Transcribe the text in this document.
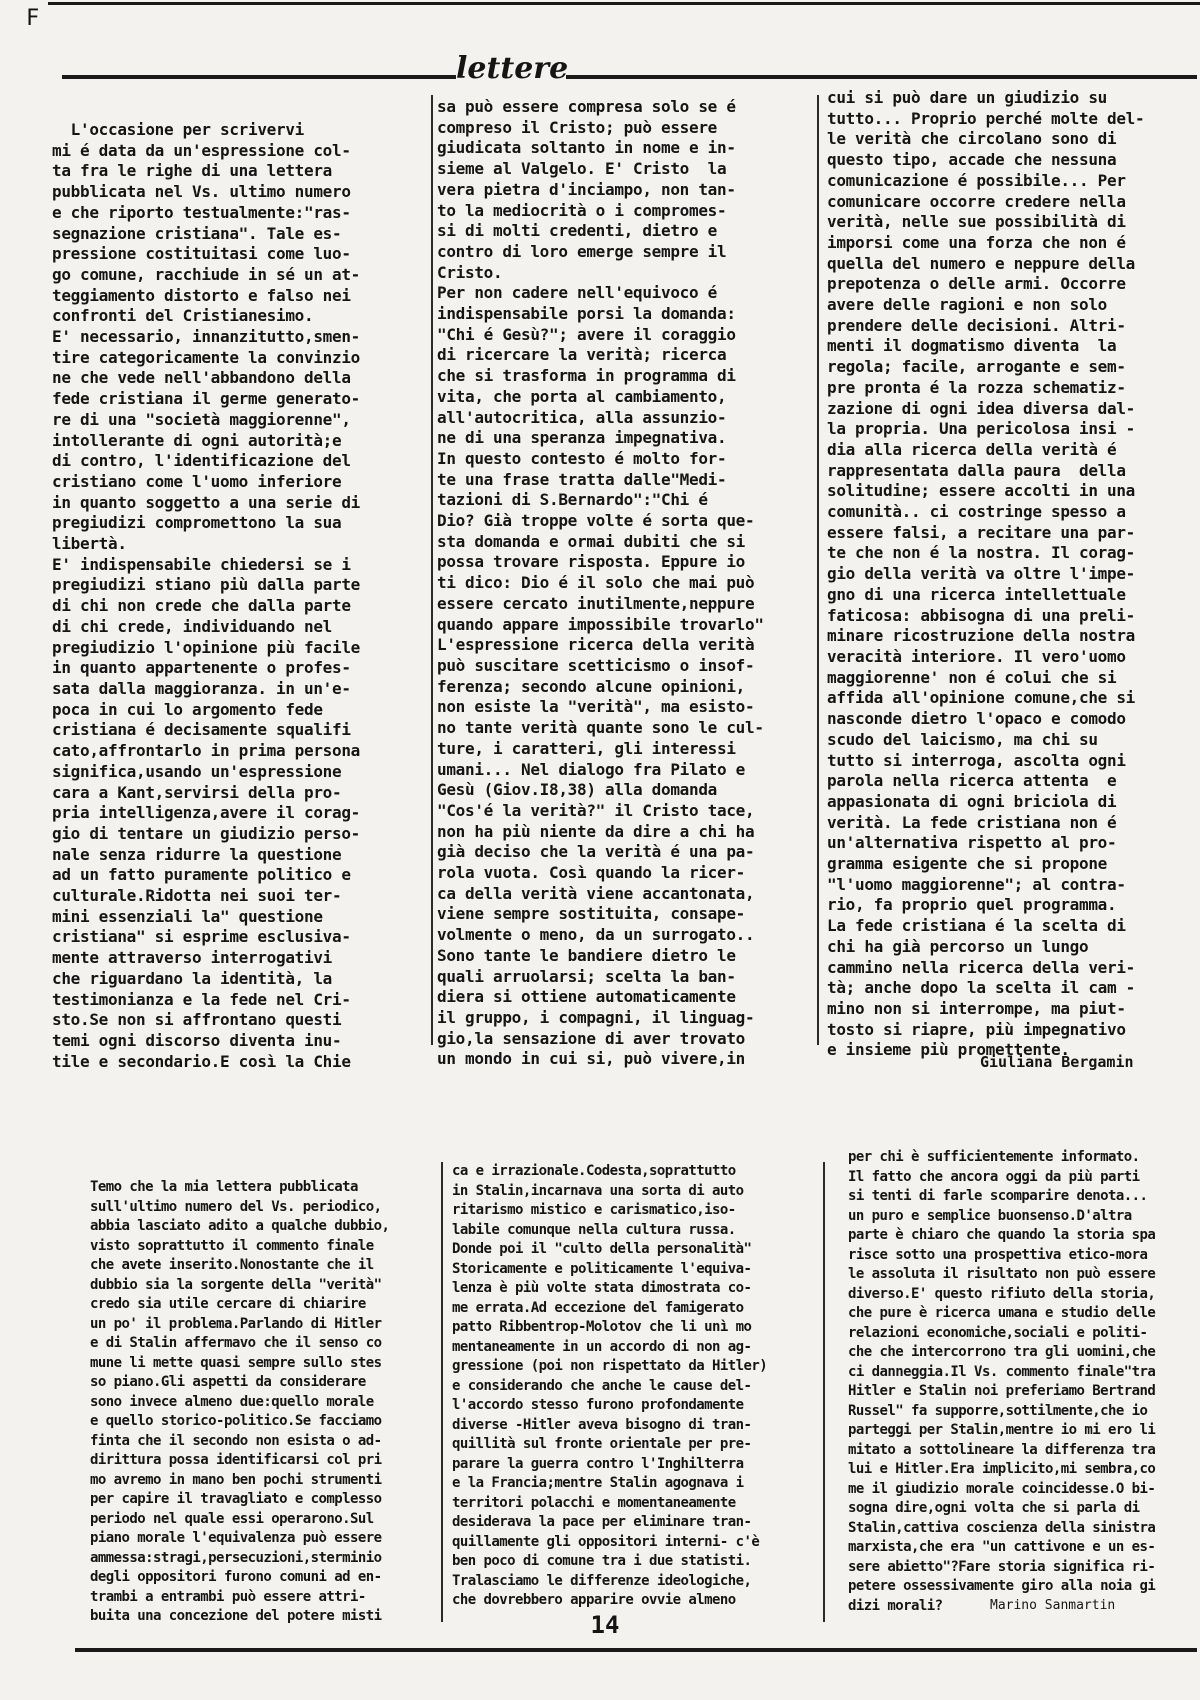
F
lettere
L'occasione per scrivervi
mi é data da un'espressione col-
ta fra le righe di una lettera
pubblicata nel Vs. ultimo numero
e che riporto testualmente:"ras-
segnazione cristiana". Tale es-
pressione costituitasi come luo-
go comune, racchiude in sé un at-
teggiamento distorto e falso nei
confronti del Cristianesimo.
E' necessario, innanzitutto,smen-
tire categoricamente la convinzio
ne che vede nell'abbandono della
fede cristiana il germe generato-
re di una "società maggiorenne",
intollerante di ogni autorità;e
di contro, l'identificazione del
cristiano come l'uomo inferiore
in quanto soggetto a una serie di
pregiudizi compromettono la sua
libertà.
E' indispensabile chiedersi se i
pregiudizi stiano più dalla parte
di chi non crede che dalla parte
di chi crede, individuando nel
pregiudizio l'opinione più facile
in quanto appartenente o profes-
sata dalla maggioranza. in un'e-
poca in cui lo argomento fede
cristiana é decisamente squalifi
cato,affrontarlo in prima persona
significa,usando un'espressione
cara a Kant,servirsi della pro-
pria intelligenza,avere il corag-
gio di tentare un giudizio perso-
nale senza ridurre la questione
ad un fatto puramente politico e
culturale.Ridotta nei suoi ter-
mini essenziali la" questione
cristiana" si esprime esclusiva-
mente attraverso interrogativi
che riguardano la identità, la
testimonianza e la fede nel Cri-
sto.Se non si affrontano questi
temi ogni discorso diventa inu-
tile e secondario.E così la Chie
sa può essere compresa solo se é
compreso il Cristo; può essere
giudicata soltanto in nome e in-
sieme al Valgelo. E' Cristo  la
vera pietra d'inciampo, non tan-
to la mediocrità o i compromes-
si di molti credenti, dietro e
contro di loro emerge sempre il
Cristo.
Per non cadere nell'equivoco é
indispensabile porsi la domanda:
"Chi é Gesù?"; avere il coraggio
di ricercare la verità; ricerca
che si trasforma in programma di
vita, che porta al cambiamento,
all'autocritica, alla assunzio-
ne di una speranza impegnativa.
In questo contesto é molto for-
te una frase tratta dalle"Medi-
tazioni di S.Bernardo":"Chi é
Dio? Già troppe volte é sorta que-
sta domanda e ormai dubiti che si
possa trovare risposta. Eppure io
ti dico: Dio é il solo che mai può
essere cercato inutilmente,neppure
quando appare impossibile trovarlo"
L'espressione ricerca della verità
può suscitare scetticismo o insof-
ferenza; secondo alcune opinioni,
non esiste la "verità", ma esisto-
no tante verità quante sono le cul-
ture, i caratteri, gli interessi
umani... Nel dialogo fra Pilato e
Gesù (Giov.I8,38) alla domanda
"Cos'é la verità?" il Cristo tace,
non ha più niente da dire a chi ha
già deciso che la verità é una pa-
rola vuota. Così quando la ricer-
ca della verità viene accantonata,
viene sempre sostituita, consape-
volmente o meno, da un surrogato..
Sono tante le bandiere dietro le
quali arruolarsi; scelta la ban-
diera si ottiene automaticamente
il gruppo, i compagni, il linguag-
gio,la sensazione di aver trovato
un mondo in cui si, può vivere,in
cui si può dare un giudizio su
tutto... Proprio perché molte del-
le verità che circolano sono di
questo tipo, accade che nessuna
comunicazione é possibile... Per
comunicare occorre credere nella
verità, nelle sue possibilità di
imporsi come una forza che non é
quella del numero e neppure della
prepotenza o delle armi. Occorre
avere delle ragioni e non solo
prendere delle decisioni. Altri-
menti il dogmatismo diventa  la
regola; facile, arrogante e sem-
pre pronta é la rozza schematiz-
zazione di ogni idea diversa dal-
la propria. Una pericolosa insi -
dia alla ricerca della verità é
rappresentata dalla paura  della
solitudine; essere accolti in una
comunità.. ci costringe spesso a
essere falsi, a recitare una par-
te che non é la nostra. Il corag-
gio della verità va oltre l'impe-
gno di una ricerca intellettuale
faticosa: abbisogna di una preli-
minare ricostruzione della nostra
veracità interiore. Il vero'uomo
maggiorenne' non é colui che si
affida all'opinione comune,che si
nasconde dietro l'opaco e comodo
scudo del laicismo, ma chi su
tutto si interroga, ascolta ogni
parola nella ricerca attenta  e
appasionata di ogni briciola di
verità. La fede cristiana non é
un'alternativa rispetto al pro-
gramma esigente che si propone
"l'uomo maggiorenne"; al contra-
rio, fa proprio quel programma.
La fede cristiana é la scelta di
chi ha già percorso un lungo
cammino nella ricerca della veri-
tà; anche dopo la scelta il cam -
mino non si interrompe, ma piut-
tosto si riapre, più impegnativo
e insieme più promettente.
Giuliana Bergamin
Temo che la mia lettera pubblicata
sull'ultimo numero del Vs. periodico,
abbia lasciato adito a qualche dubbio,
visto soprattutto il commento finale
che avete inserito.Nonostante che il
dubbio sia la sorgente della "verità"
credo sia utile cercare di chiarire
un po' il problema.Parlando di Hitler
e di Stalin affermavo che il senso co
mune li mette quasi sempre sullo stes
so piano.Gli aspetti da considerare
sono invece almeno due:quello morale
e quello storico-politico.Se facciamo
finta che il secondo non esista o ad-
dirittura possa identificarsi col pri
mo avremo in mano ben pochi strumenti
per capire il travagliato e complesso
periodo nel quale essi operarono.Sul
piano morale l'equivalenza può essere
ammessa:stragi,persecuzioni,sterminio
degli oppositori furono comuni ad en-
trambi a entrambi può essere attri-
buita una concezione del potere misti
ca e irrazionale.Codesta,soprattutto
in Stalin,incarnava una sorta di auto
ritarismo mistico e carismatico,iso-
labile comunque nella cultura russa.
Donde poi il "culto della personalità"
Storicamente e politicamente l'equiva-
lenza è più volte stata dimostrata co-
me errata.Ad eccezione del famigerato
patto Ribbentrop-Molotov che li unì mo
mentaneamente in un accordo di non ag-
gressione (poi non rispettato da Hitler)
e considerando che anche le cause del-
l'accordo stesso furono profondamente
diverse -Hitler aveva bisogno di tran-
quillità sul fronte orientale per pre-
parare la guerra contro l'Inghilterra
e la Francia;mentre Stalin agognava i
territori polacchi e momentaneamente
desiderava la pace per eliminare tran-
quillamente gli oppositori interni- c'è
ben poco di comune tra i due statisti.
Tralasciamo le differenze ideologiche,
che dovrebbero apparire ovvie almeno
per chi è sufficientemente informato.
Il fatto che ancora oggi da più parti
si tenti di farle scomparire denota...
un puro e semplice buonsenso.D'altra
parte è chiaro che quando la storia spa
risce sotto una prospettiva etico-mora
le assoluta il risultato non può essere
diverso.E' questo rifiuto della storia,
che pure è ricerca umana e studio delle
relazioni economiche,sociali e politi-
che che intercorrono tra gli uomini,che
ci danneggia.Il Vs. commento finale"tra
Hitler e Stalin noi preferiamo Bertrand
Russel" fa supporre,sottilmente,che io
parteggi per Stalin,mentre io mi ero li
mitato a sottolineare la differenza tra
lui e Hitler.Era implicito,mi sembra,co
me il giudizio morale coincidesse.O bi-
sogna dire,ogni volta che si parla di
Stalin,cattiva coscienza della sinistra
marxista,che era "un cattivone e un es-
sere abietto"?Fare storia significa ri-
petere ossessivamente giro alla noia gi
dizi morali?	Marino Sanmartin
14
